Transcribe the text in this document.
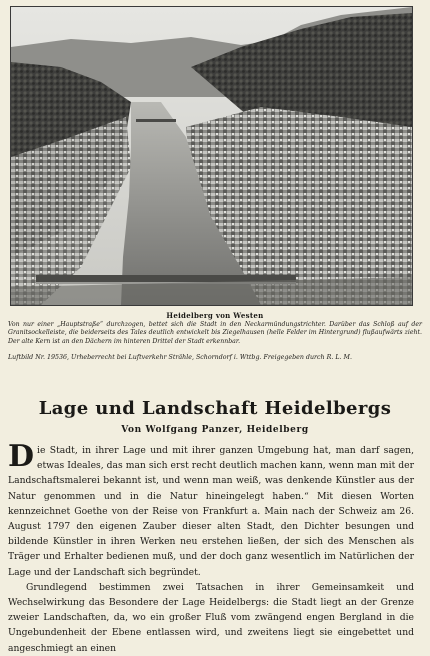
Heidelberg von Westen

Von nur einer „Hauptstraße“ durchzogen, bettet sich die Stadt in den Neckarmündungstrichter. Darüber das Schloß auf der Granitsockelleiste, die beiderseits des Tales deutlich entwickelt bis Ziegelhausen (helle Felder im Hintergrund) flußaufwärts zieht. Der alte Kern ist an den Dächern im hinteren Drittel der Stadt erkennbar.

Luftbild Nr. 19536, Urheberrecht bei Luftverkehr Strähle, Schorndorf i. Wttbg. Freigegeben durch R. L. M.
Lage und Landschaft Heidelbergs
Von Wolfgang Panzer, Heidelberg

Die Stadt, in ihrer Lage und mit ihrer ganzen Umgebung hat, man darf sagen, etwas Ideales, das man sich erst recht deutlich machen kann, wenn man mit der Landschaftsmalerei bekannt ist, und wenn man weiß, was denkende Künstler aus der Natur genommen und in die Natur hineingelegt haben.“ Mit diesen Worten kennzeichnet Goethe von der Reise von Frankfurt a. Main nach der Schweiz am 26. August 1797 den eigenen Zauber dieser alten Stadt, den Dichter besungen und bildende Künstler in ihren Werken neu erstehen ließen, der sich des Menschen als Träger und Erhalter bedienen muß, und der doch ganz wesentlich im Natürlichen der Lage und der Landschaft sich begründet.

Grundlegend bestimmen zwei Tatsachen in ihrer Gemeinsamkeit und Wechselwirkung das Besondere der Lage Heidelbergs: die Stadt liegt an der Grenze zweier Landschaften, da, wo ein großer Fluß vom zwängend engen Bergland in die Ungebundenheit der Ebene entlassen wird, und zweitens liegt sie eingebettet und angeschmiegt an einen
